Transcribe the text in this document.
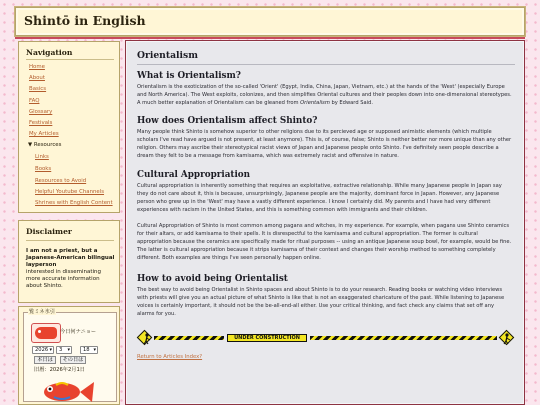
Shintō in English
Navigation
Home
About
Basics
FAQ
Glossary
Festivals
My Articles
▼ Resources
Links
Books
Resources to Avoid
Helpful Youtube Channels
Shrines with English Content
Disclaimer
I am not a priest, but a Japanese-American bilingual layperson
interested in disseminating more accurate information about Shinto.
覧ミネ氷引
今日何ナニョー
2026 ▾	3 ▾	18 ▾
本日は	その日は
旧暦：2026年2月1日
Orientalism
What is Orientalism?
Orientalism is the exoticization of the so-called 'Orient' (Egypt, India, China, Japan, Vietnam, etc.) at the hands of the 'West' (especially Europe and North America). The West exploits, colonizes, and then simplifies Oriental cultures and their peoples down into one-dimensional stereotypes. A much better explanation of Orientalism can be gleaned from Orientalism by Edward Said.
How does Orientalism affect Shinto?
Many people think Shinto is somehow superior to other religions due to its percieved age or supposed animistic elements (which multiple scholars I've read have argued is not present, at least anymore). This is, of course, false; Shinto is neither better nor more unique than any other religion. Others may ascribe their stereotypical racist views of Japan and Japanese people onto Shinto. I've definitely seen people describe a dream they felt to be a message from kamisama, which was extremely racist and offensive in nature.
Cultural Appropriation
Cultural appropriation is inherently something that requires an exploitative, extractive relationship. While many Japanese people in Japan say they do not care about it, this is because, unsurprisingly, Japanese people are the majority, dominant force in Japan. However, any Japanese person who grew up in the 'West' may have a vastly different experience. I know I certainly did. My parents and I have had very different experiences with racism in the United States, and this is something common with immigrants and their children.
Cultural Appropriation of Shinto is most common among pagans and witches, in my experience. For example, when pagans use Shinto ceramics for their altars, or add kamisama to their spells. It is disrespectful to the kamisama and cultural appropriation. The former is cultural appropriation because the ceramics are specifically made for ritual purposes -- using an antique Japanese soup bowl, for example, would be fine. The latter is cultural appropriation because it strips kamisama of their context and changes their worship method to something completely different. Both examples are things I've seen personally happen online.
How to avoid being Orientalist
The best way to avoid being Orientalist in Shinto spaces and about Shinto is to do your research. Reading books or watching video interviews with priests will give you an actual picture of what Shinto is like that is not an exaggerated charicature of the past. While listening to Japanese voices is certainly important, it should not be the be-all-end-all either. Use your critical thinking, and fact check any claims that set off any alarms for you.
UNDER CONSTRUCTION
Return to Articles Index?
